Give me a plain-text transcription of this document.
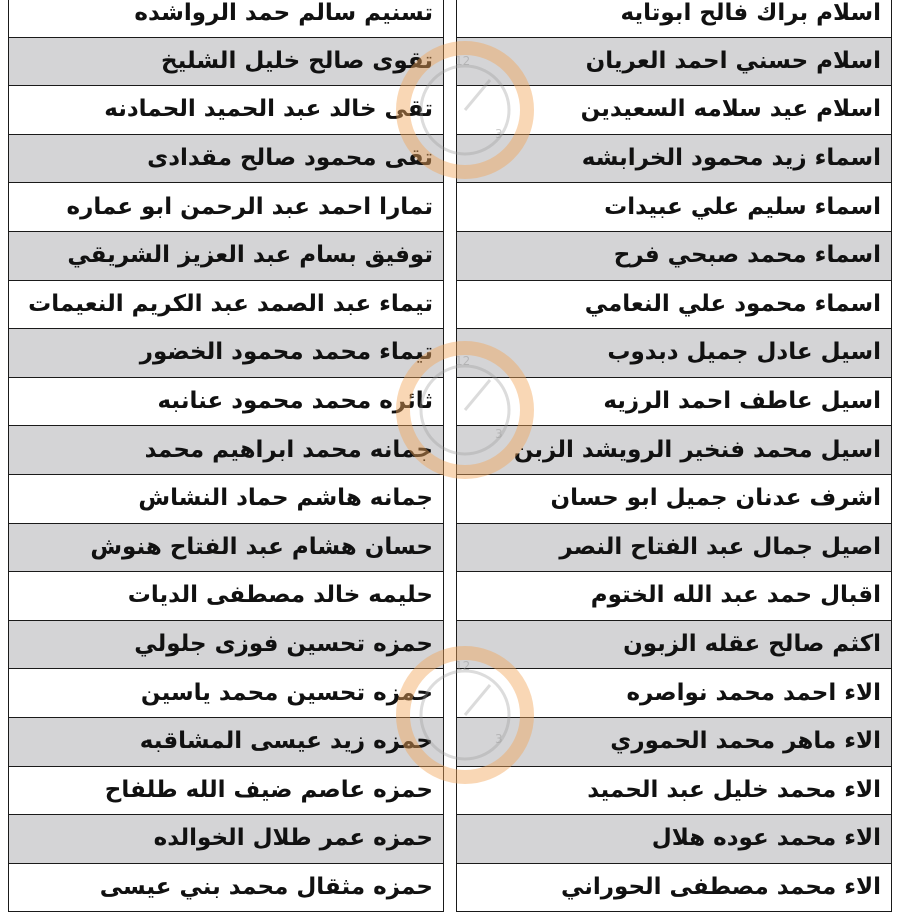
تسنيم سالم حمد الرواشده
تقوى صالح خليل الشليخ
تقى خالد عبد الحميد الحمادنه
تقى محمود صالح مقدادى
تمارا احمد عبد الرحمن ابو عماره
توفيق بسام عبد العزيز الشريقي
تيماء عبد الصمد عبد الكريم النعيمات
تيماء محمد محمود الخضور
ثائره محمد محمود عنانبه
جمانه محمد ابراهيم محمد
جمانه هاشم حماد النشاش
حسان هشام عبد الفتاح هنوش
حليمه خالد مصطفى الديات
حمزه تحسين فوزى جلولي
حمزه تحسين محمد ياسين
حمزه زيد عيسى المشاقبه
حمزه عاصم ضيف الله طلفاح
حمزه عمر طلال الخوالده
حمزه مثقال محمد بني عيسى
اسلام براك فالح ابوتايه
اسلام حسني احمد العريان
اسلام عيد سلامه السعيدين
اسماء زيد محمود الخرابشه
اسماء سليم علي عبيدات
اسماء محمد صبحي فرح
اسماء محمود علي النعامي
اسيل عادل جميل دبدوب
اسيل عاطف احمد الرزيه
اسيل محمد فنخير الرويشد الزبن
اشرف عدنان جميل ابو حسان
اصيل جمال عبد الفتاح النصر
اقبال حمد عبد الله الختوم
اكثم صالح عقله الزبون
الاء احمد محمد نواصره
الاء ماهر محمد الحموري
الاء محمد خليل عبد الحميد
الاء محمد عوده هلال
الاء محمد مصطفى الحوراني
12
3
12
3
12
3
